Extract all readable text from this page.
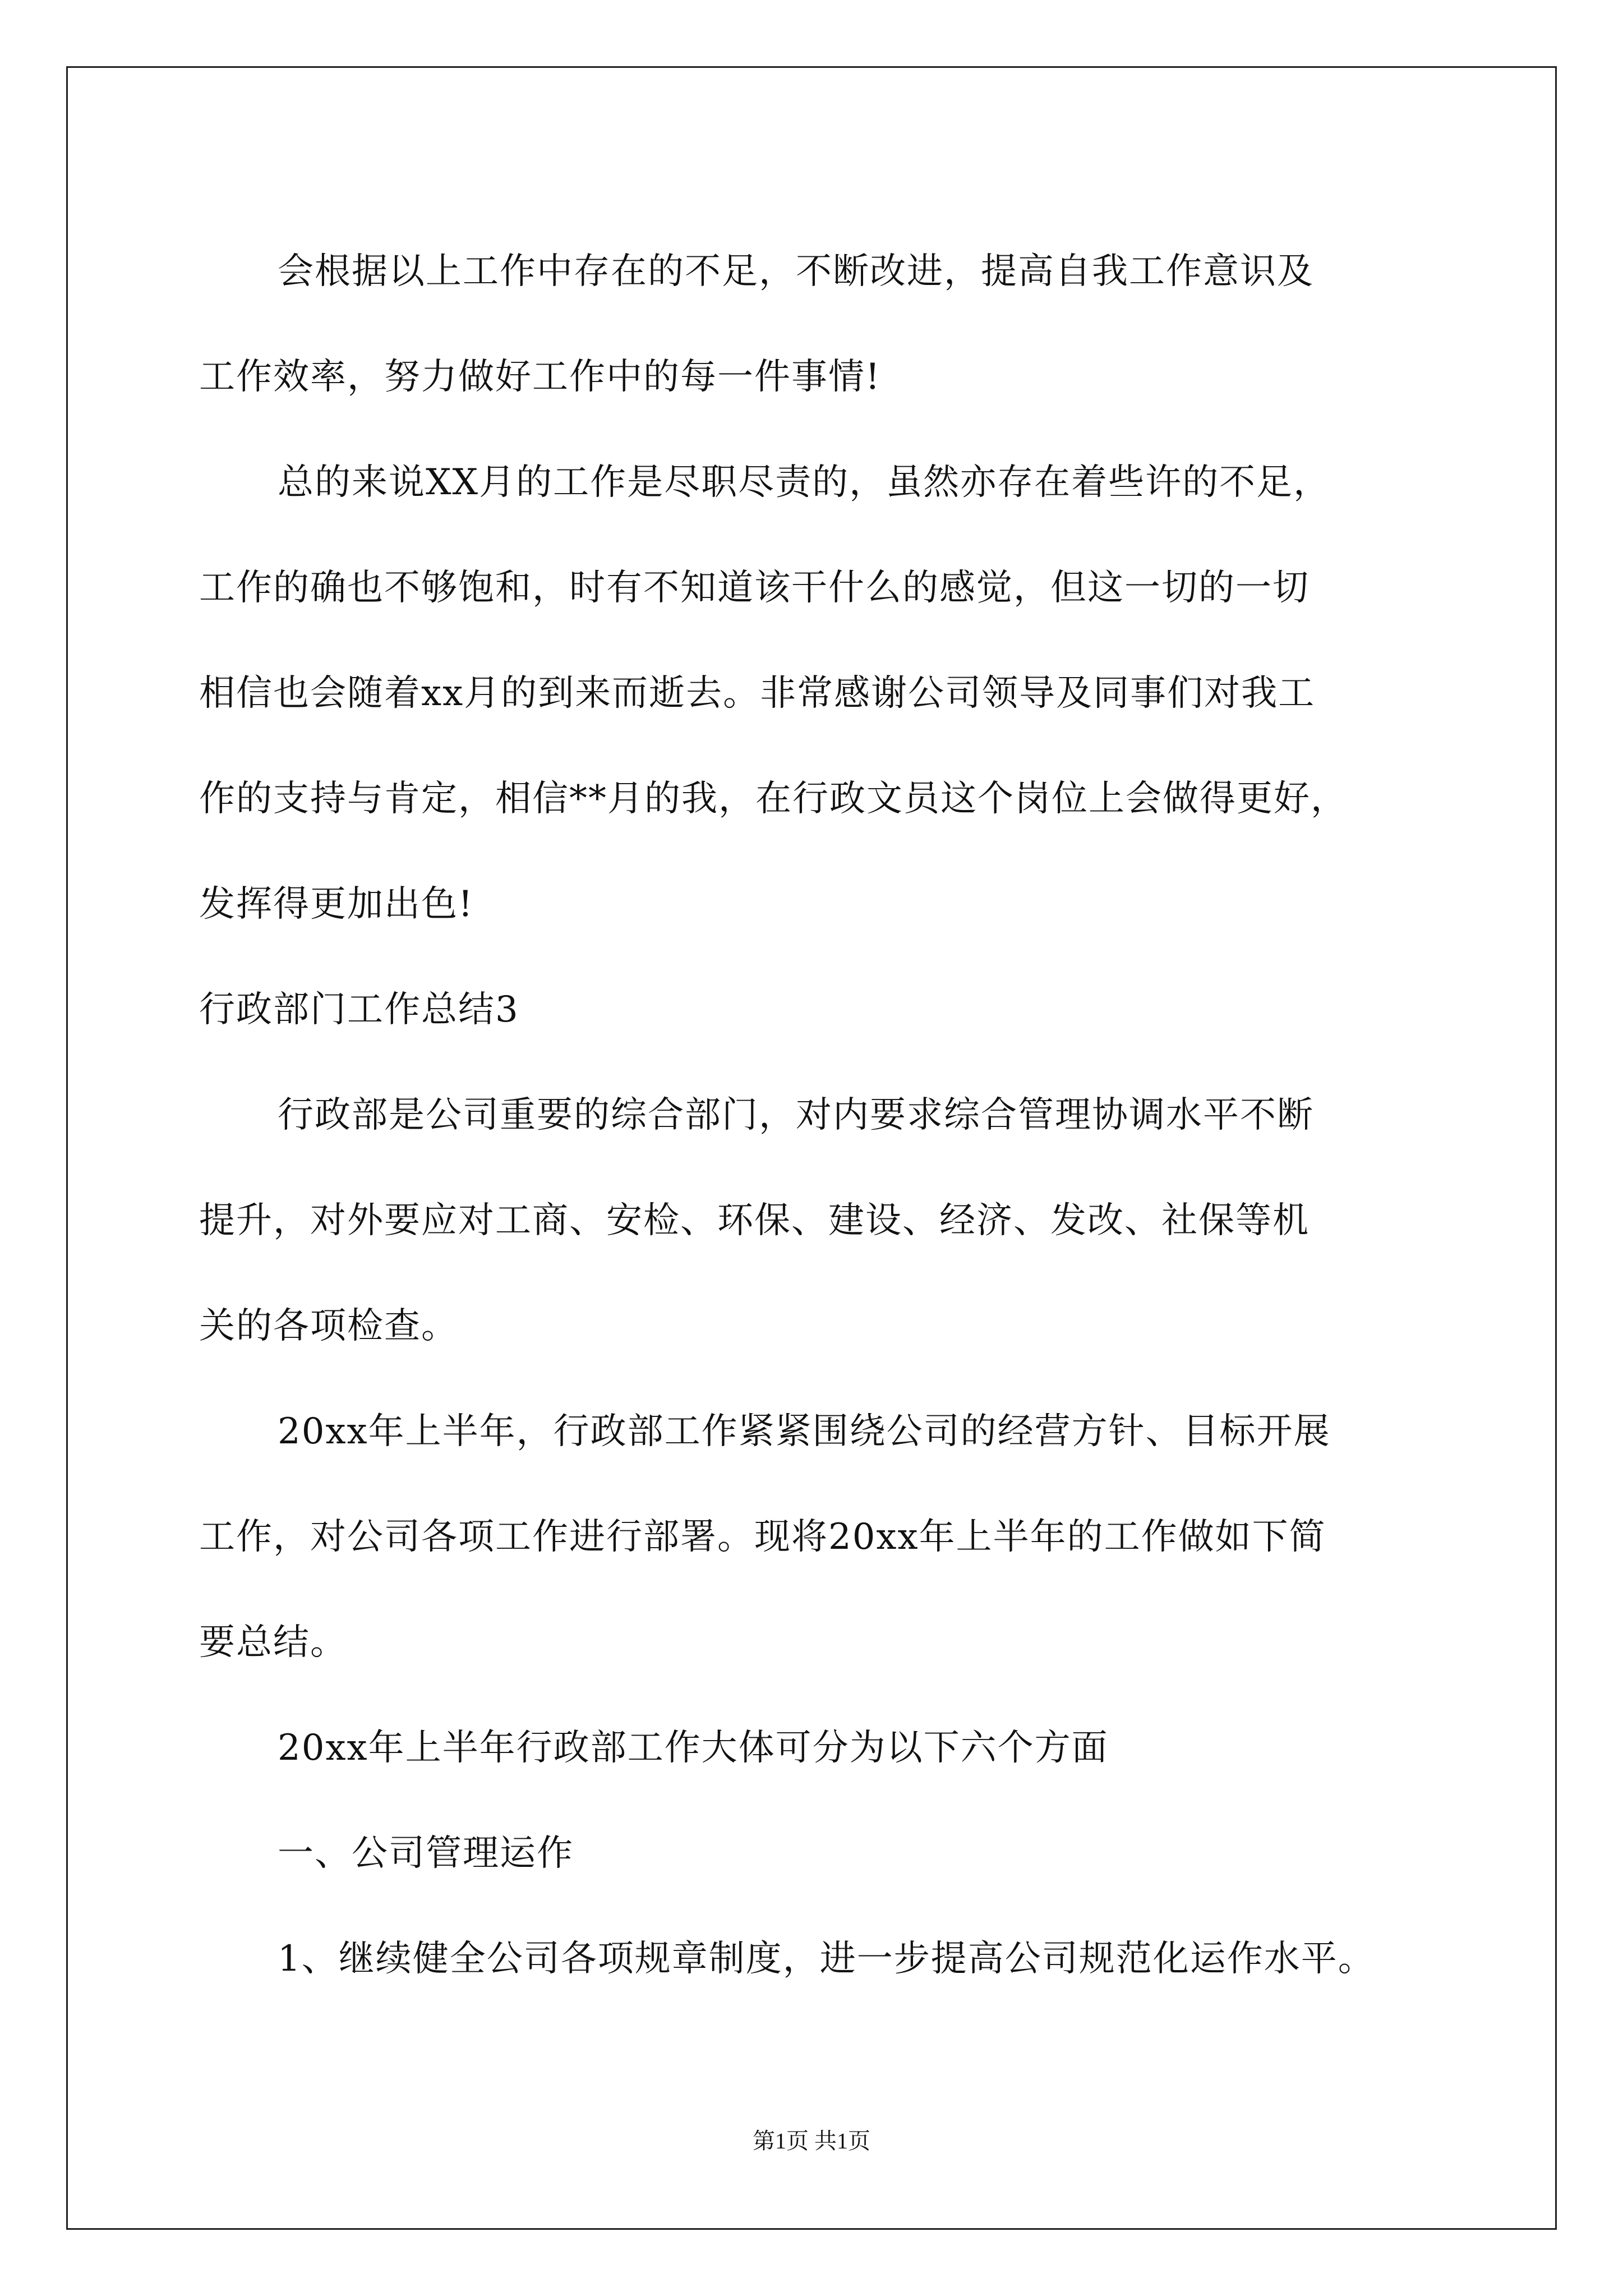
会根据以上工作中存在的不足，不断改进，提高自我工作意识及
工作效率，努力做好工作中的每一件事情!
总的来说XX月的工作是尽职尽责的，虽然亦存在着些许的不足，
工作的确也不够饱和，时有不知道该干什么的感觉，但这一切的一切
相信也会随着xx月的到来而逝去。非常感谢公司领导及同事们对我工
作的支持与肯定，相信**月的我，在行政文员这个岗位上会做得更好，
发挥得更加出色!
行政部门工作总结3
行政部是公司重要的综合部门，对内要求综合管理协调水平不断
提升，对外要应对工商、安检、环保、建设、经济、发改、社保等机
关的各项检查。
20xx年上半年，行政部工作紧紧围绕公司的经营方针、目标开展
工作，对公司各项工作进行部署。现将20xx年上半年的工作做如下简
要总结。
20xx年上半年行政部工作大体可分为以下六个方面
一、公司管理运作
1、继续健全公司各项规章制度，进一步提高公司规范化运作水平。
第1页 共1页
